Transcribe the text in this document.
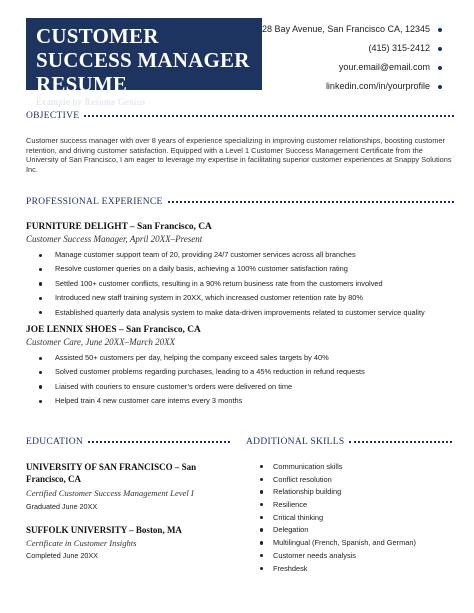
CUSTOMER SUCCESS MANAGER RESUME
Example by Resume Genius
28 Bay Avenue, San Francisco CA, 12345
(415) 315-2412
your.email@email.com
linkedin.com/in/yourprofile
OBJECTIVE
Customer success manager with over 8 years of experience specializing in improving customer relationships, boosting customer retention, and driving customer satisfaction. Equipped with a Level 1 Customer Success Management Certificate from the University of San Francisco, I am eager to leverage my expertise in facilitating superior customer experiences at Snappy Solutions Inc.
PROFESSIONAL EXPERIENCE
FURNITURE DELIGHT – San Francisco, CA
Customer Success Manager, April 20XX–Present
Manage customer support team of 20, providing 24/7 customer services across all branches
Resolve customer queries on a daily basis, achieving a 100% customer satisfaction rating
Settled 100+ customer conflicts, resulting in a 90% return business rate from the customers involved
Introduced new staff training system in 20XX, which increased customer retention rate by 80%
Established quarterly data analysis system to make data-driven improvements related to customer service quality
JOE LENNIX SHOES – San Francisco, CA
Customer Care, June 20XX–March 20XX
Assisted 50+ customers per day, helping the company exceed sales targets by 40%
Solved customer problems regarding purchases, leading to a 45% reduction in refund requests
Liaised with couriers to ensure customer’s orders were delivered on time
Helped train 4 new customer care interns every 3 months
EDUCATION
UNIVERSITY OF SAN FRANCISCO – San Francisco, CA
Certified Customer Success Management Level I
Graduated June 20XX
SUFFOLK UNIVERSITY – Boston, MA
Certificate in Customer Insights
Completed June 20XX
ADDITIONAL SKILLS
Communication skills
Conflict resolution
Relationship building
Resilience
Critical thinking
Delegation
Multilingual (French, Spanish, and German)
Customer needs analysis
Freshdesk
